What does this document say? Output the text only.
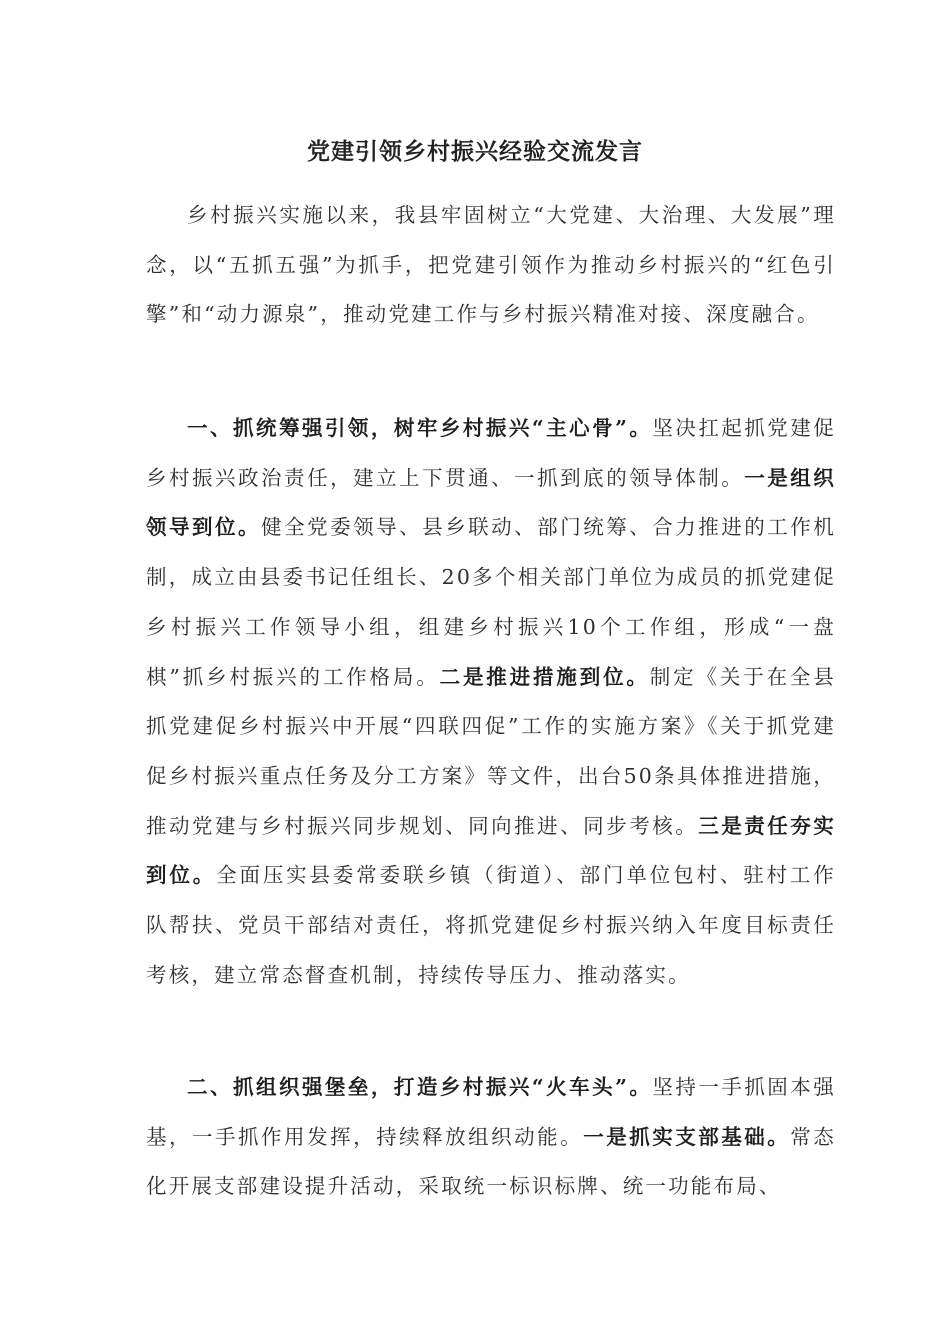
党建引领乡村振兴经验交流发言

乡村振兴实施以来，我县牢固树立“大党建、大治理、大发展”理念，以“五抓五强”为抓手，把党建引领作为推动乡村振兴的“红色引擎”和“动力源泉”，推动党建工作与乡村振兴精准对接、深度融合。

一、抓统筹强引领，树牢乡村振兴“主心骨”。坚决扛起抓党建促乡村振兴政治责任，建立上下贯通、一抓到底的领导体制。一是组织领导到位。健全党委领导、县乡联动、部门统筹、合力推进的工作机制，成立由县委书记任组长、20多个相关部门单位为成员的抓党建促乡村振兴工作领导小组，组建乡村振兴10个工作组，形成“一盘棋”抓乡村振兴的工作格局。二是推进措施到位。制定《关于在全县抓党建促乡村振兴中开展“四联四促”工作的实施方案》《关于抓党建促乡村振兴重点任务及分工方案》等文件，出台50条具体推进措施，推动党建与乡村振兴同步规划、同向推进、同步考核。三是责任夯实到位。全面压实县委常委联乡镇（街道）、部门单位包村、驻村工作队帮扶、党员干部结对责任，将抓党建促乡村振兴纳入年度目标责任考核，建立常态督查机制，持续传导压力、推动落实。

二、抓组织强堡垒，打造乡村振兴“火车头”。坚持一手抓固本强基，一手抓作用发挥，持续释放组织动能。一是抓实支部基础。常态化开展支部建设提升活动，采取统一标识标牌、统一功能布局、
